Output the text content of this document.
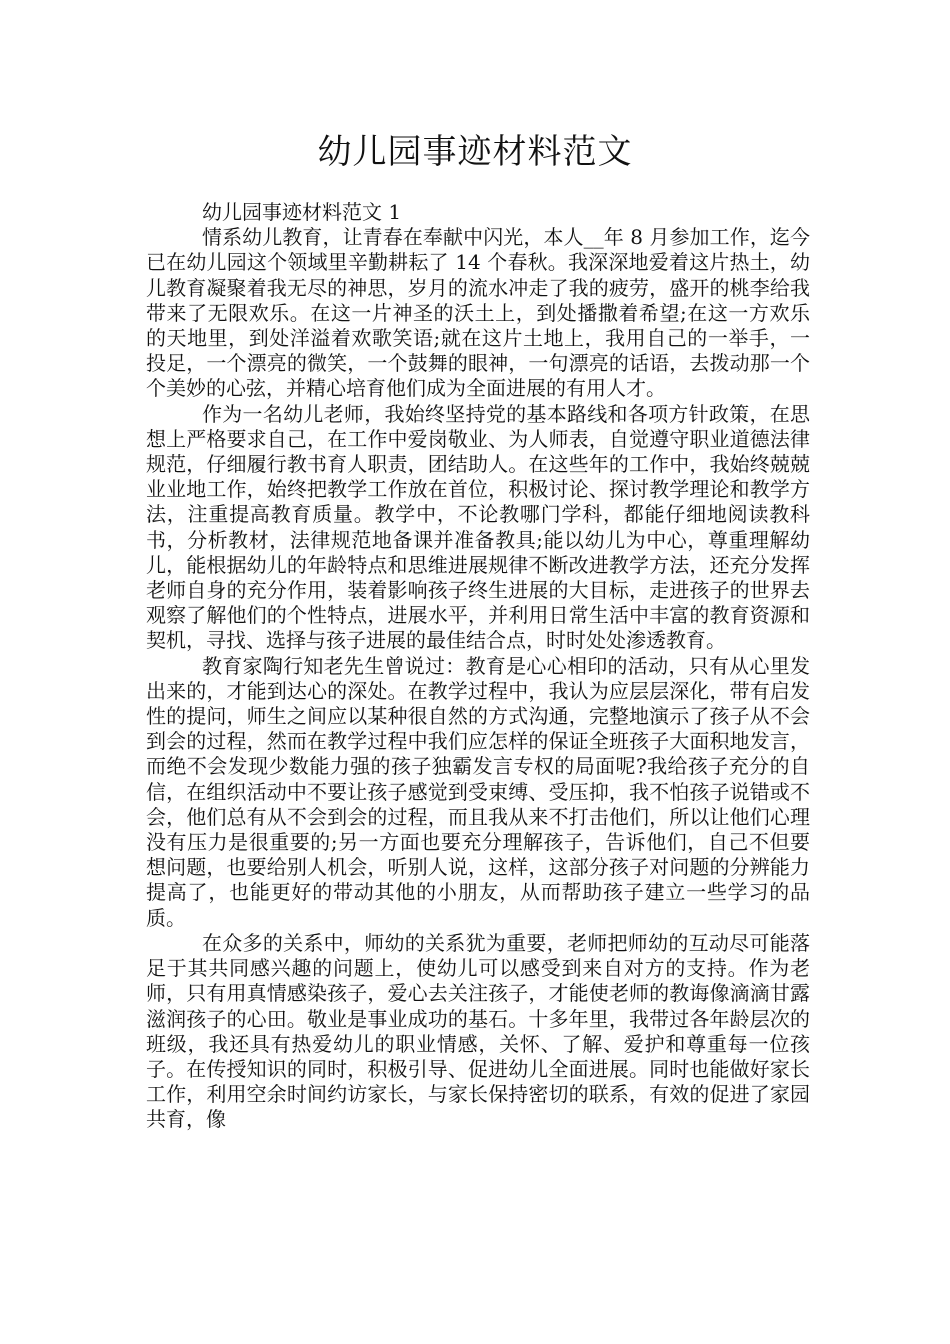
幼儿园事迹材料范文

幼儿园事迹材料范文 1

情系幼儿教育，让青春在奉献中闪光，本人__年 8 月参加工作，迄今已在幼儿园这个领域里辛勤耕耘了 14 个春秋。我深深地爱着这片热土，幼儿教育凝聚着我无尽的神思，岁月的流水冲走了我的疲劳，盛开的桃李给我带来了无限欢乐。在这一片神圣的沃土上，到处播撒着希望;在这一方欢乐的天地里，到处洋溢着欢歌笑语;就在这片土地上，我用自己的一举手，一投足，一个漂亮的微笑，一个鼓舞的眼神，一句漂亮的话语，去拨动那一个个美妙的心弦，并精心培育他们成为全面进展的有用人才。

作为一名幼儿老师，我始终坚持党的基本路线和各项方针政策，在思想上严格要求自己，在工作中爱岗敬业、为人师表，自觉遵守职业道德法律规范，仔细履行教书育人职责，团结助人。在这些年的工作中，我始终兢兢业业地工作，始终把教学工作放在首位，积极讨论、探讨教学理论和教学方法，注重提高教育质量。教学中，不论教哪门学科，都能仔细地阅读教科书，分析教材，法律规范地备课并准备教具;能以幼儿为中心，尊重理解幼儿，能根据幼儿的年龄特点和思维进展规律不断改进教学方法，还充分发挥老师自身的充分作用，装着影响孩子终生进展的大目标，走进孩子的世界去观察了解他们的个性特点，进展水平，并利用日常生活中丰富的教育资源和契机，寻找、选择与孩子进展的最佳结合点，时时处处渗透教育。

教育家陶行知老先生曾说过：教育是心心相印的活动，只有从心里发出来的，才能到达心的深处。在教学过程中，我认为应层层深化，带有启发性的提问，师生之间应以某种很自然的方式沟通，完整地演示了孩子从不会到会的过程，然而在教学过程中我们应怎样的保证全班孩子大面积地发言，而绝不会发现少数能力强的孩子独霸发言专权的局面呢?我给孩子充分的自信，在组织活动中不要让孩子感觉到受束缚、受压抑，我不怕孩子说错或不会，他们总有从不会到会的过程，而且我从来不打击他们，所以让他们心理没有压力是很重要的;另一方面也要充分理解孩子，告诉他们，自己不但要想问题，也要给别人机会，听别人说，这样，这部分孩子对问题的分辨能力提高了，也能更好的带动其他的小朋友，从而帮助孩子建立一些学习的品质。

在众多的关系中，师幼的关系犹为重要，老师把师幼的互动尽可能落足于其共同感兴趣的问题上，使幼儿可以感受到来自对方的支持。作为老师，只有用真情感染孩子，爱心去关注孩子，才能使老师的教诲像滴滴甘露滋润孩子的心田。敬业是事业成功的基石。十多年里，我带过各年龄层次的班级，我还具有热爱幼儿的职业情感，关怀、了解、爱护和尊重每一位孩子。在传授知识的同时，积极引导、促进幼儿全面进展。同时也能做好家长工作，利用空余时间约访家长，与家长保持密切的联系，有效的促进了家园共育，像
